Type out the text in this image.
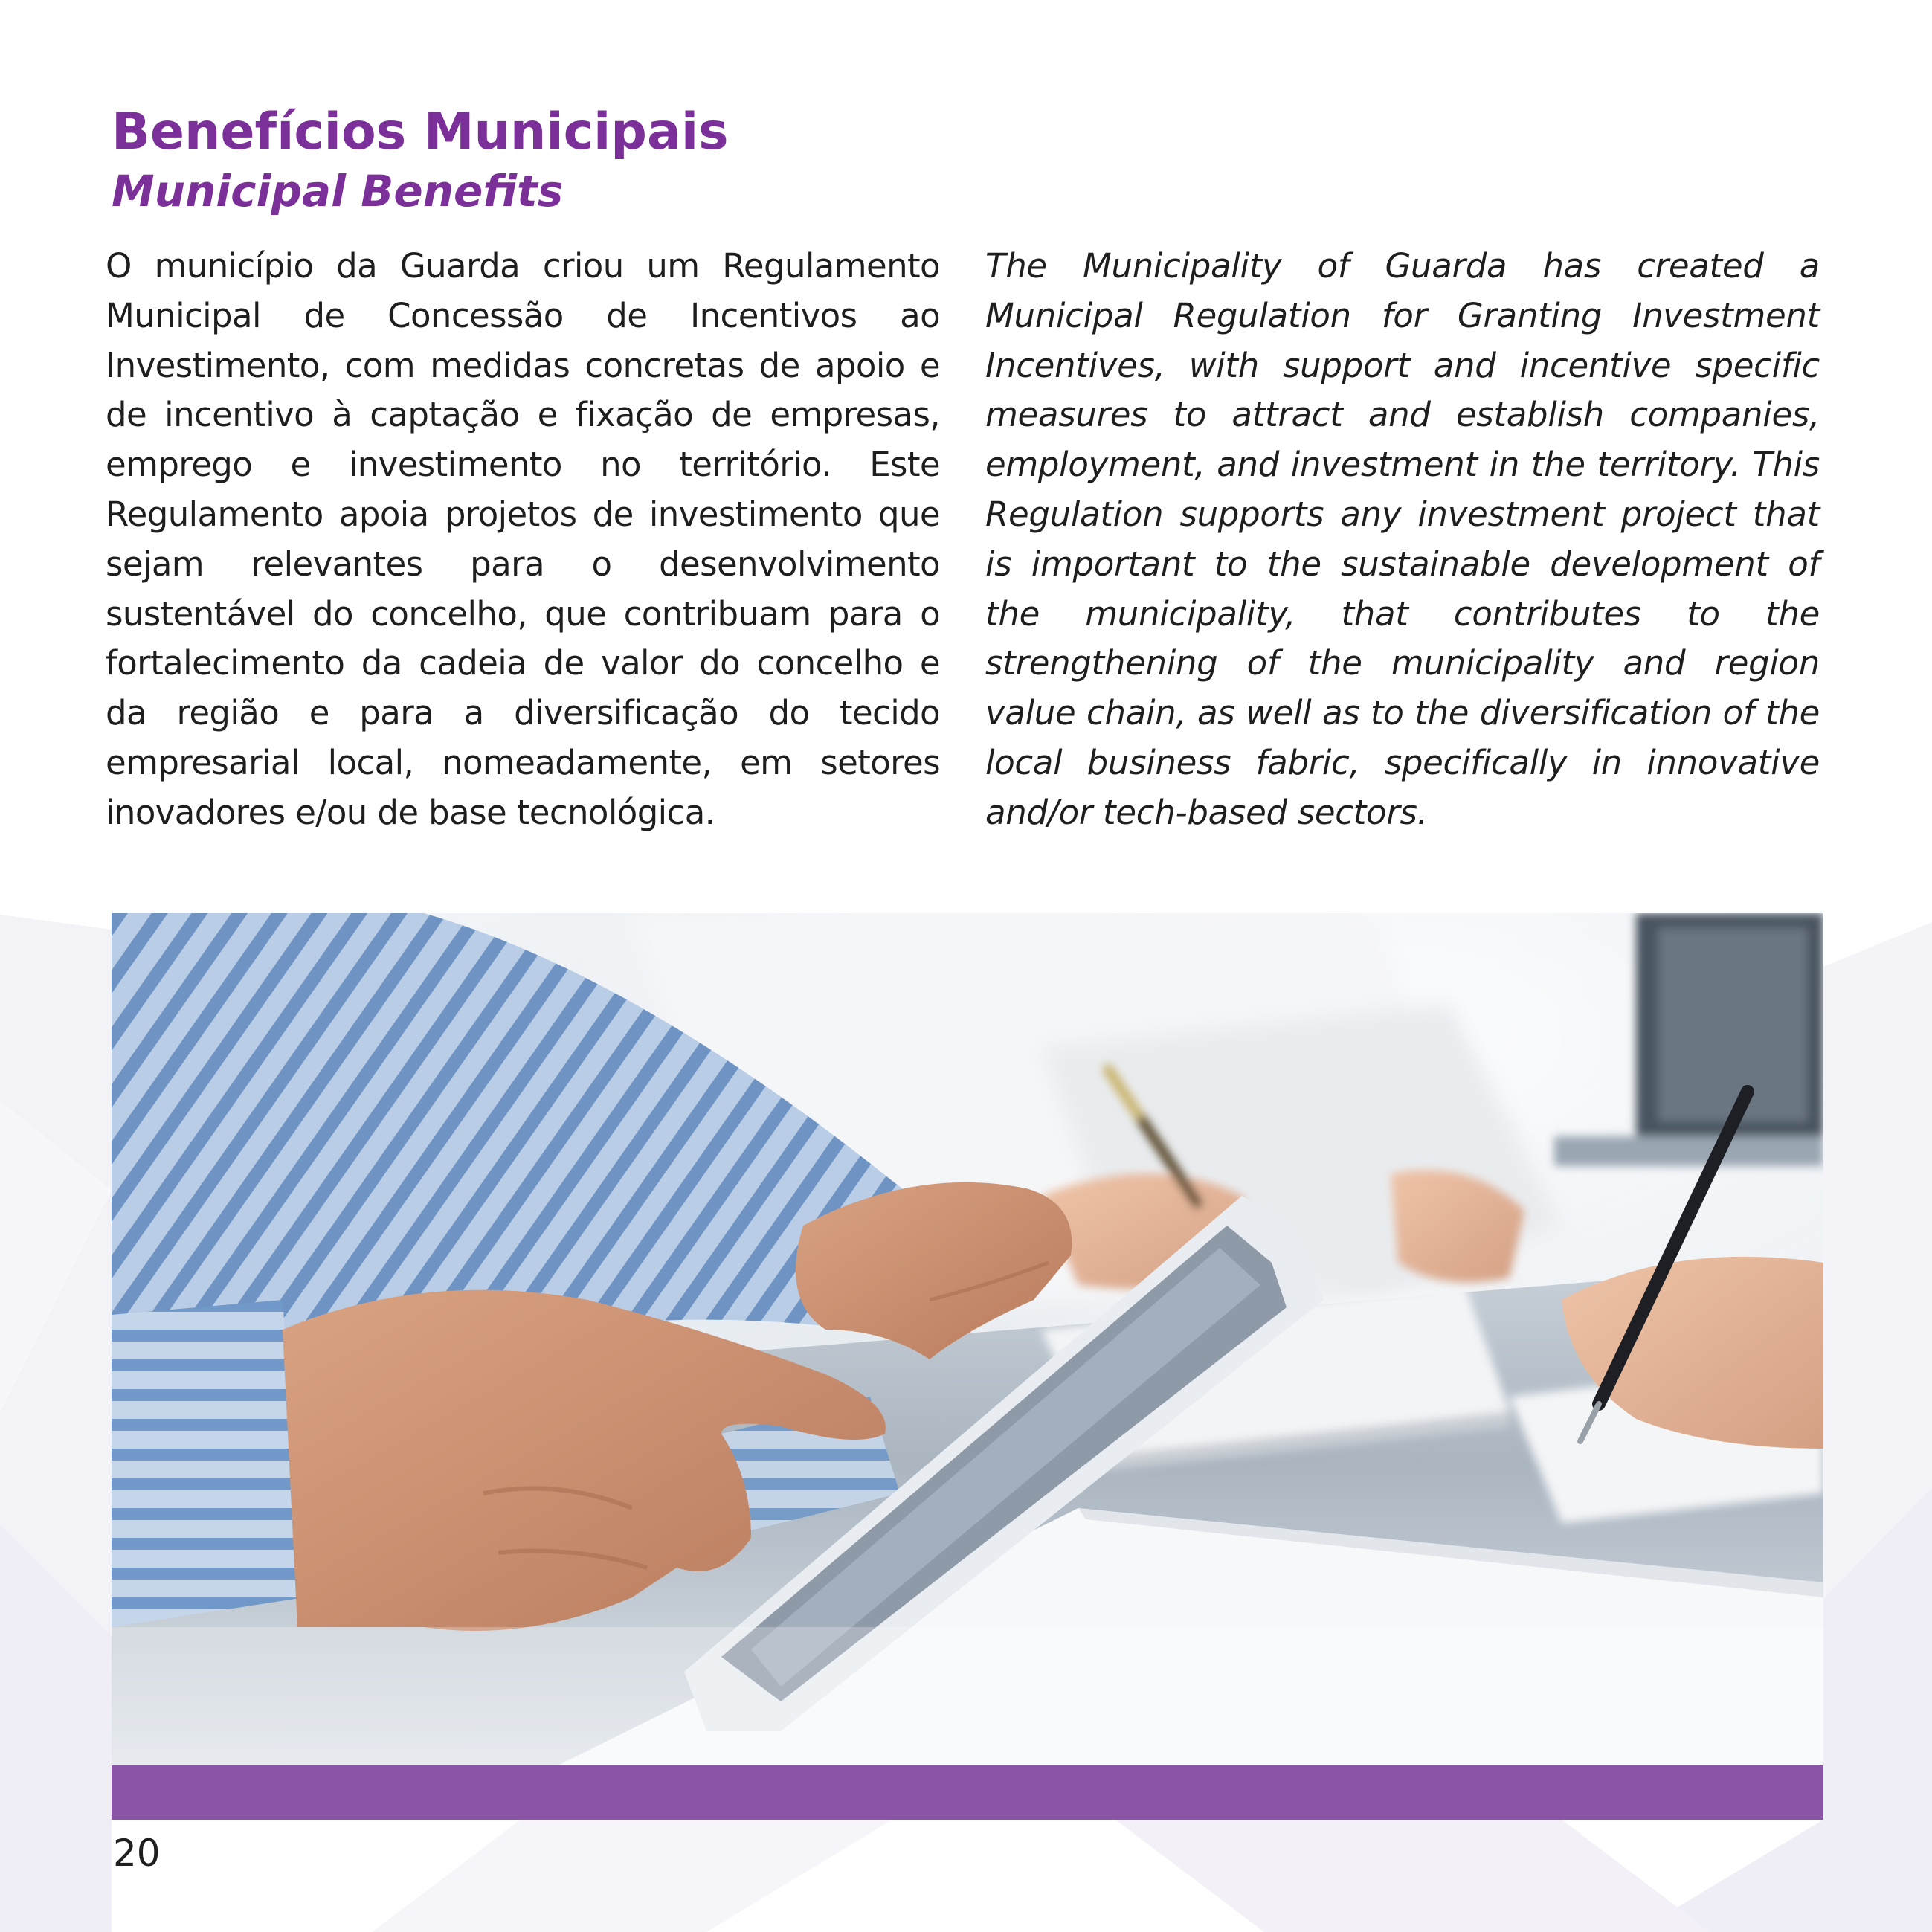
Benefícios Municipais
Municipal Benefits

O município da Guarda criou um Regulamento Municipal de Concessão de Incentivos ao Investimento, com medidas concretas de apoio e de incentivo à captação e fixação de empresas, emprego e investimento no território. Este Regulamento apoia projetos de investimento que sejam relevantes para o desenvolvimento sustentável do concelho, que contribuam para o fortalecimento da cadeia de valor do concelho e da região e para a diversificação do tecido empresarial local, nomeadamente, em setores inovadores e/ou de base tecnológica.

The Municipality of Guarda has created a Municipal Regulation for Granting Investment Incentives, with support and incentive specific measures to attract and establish companies, employment, and investment in the territory. This Regulation supports any investment project that is important to the sustainable development of the municipality, that contributes to the strengthening of the municipality and region value chain, as well as to the diversification of the local business fabric, specifically in innovative and/or tech-based sectors.

20
